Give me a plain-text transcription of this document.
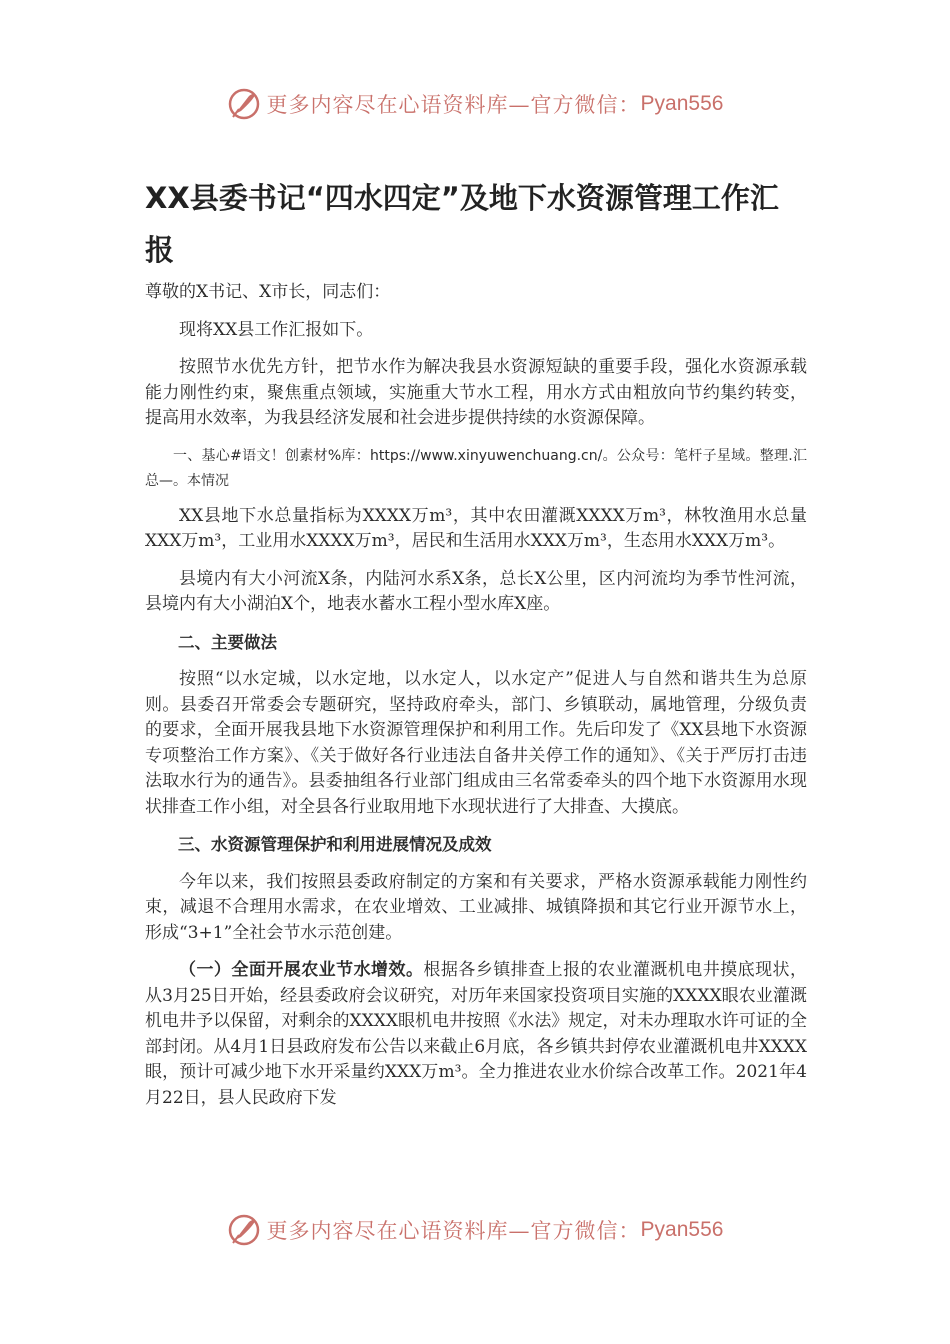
更多内容尽在心语资料库—官方微信： Pyan556
XX县委书记“四水四定”及地下水资源管理工作汇报

尊敬的X书记、X市长，同志们：

现将XX县工作汇报如下。

按照节水优先方针，把节水作为解决我县水资源短缺的重要手段，强化水资源承载能力刚性约束，聚焦重点领域，实施重大节水工程，用水方式由粗放向节约集约转变，提高用水效率，为我县经济发展和社会进步提供持续的水资源保障。

一、基心#语文！创素材%库：https://www.xinyuwenchuang.cn/。公众号：笔杆子星域。整理.汇总—。本情况

XX县地下水总量指标为XXXX万m³，其中农田灌溉XXXX万m³，林牧渔用水总量XXX万m³，工业用水XXXX万m³，居民和生活用水XXX万m³，生态用水XXX万m³。

县境内有大小河流X条，内陆河水系X条，总长X公里，区内河流均为季节性河流，县境内有大小湖泊X个，地表水蓄水工程小型水库X座。

二、主要做法

按照“以水定城，以水定地，以水定人，以水定产”促进人与自然和谐共生为总原则。县委召开常委会专题研究，坚持政府牵头，部门、乡镇联动，属地管理，分级负责的要求，全面开展我县地下水资源管理保护和利用工作。先后印发了《XX县地下水资源专项整治工作方案》、《关于做好各行业违法自备井关停工作的通知》、《关于严厉打击违法取水行为的通告》。县委抽组各行业部门组成由三名常委牵头的四个地下水资源用水现状排查工作小组，对全县各行业取用地下水现状进行了大排查、大摸底。

三、水资源管理保护和利用进展情况及成效

今年以来，我们按照县委政府制定的方案和有关要求，严格水资源承载能力刚性约束，减退不合理用水需求，在农业增效、工业减排、城镇降损和其它行业开源节水上，形成“3+1”全社会节水示范创建。

（一）全面开展农业节水增效。根据各乡镇排查上报的农业灌溉机电井摸底现状，从3月25日开始，经县委政府会议研究，对历年来国家投资项目实施的XXXX眼农业灌溉机电井予以保留，对剩余的XXXX眼机电井按照《水法》规定，对未办理取水许可证的全部封闭。从4月1日县政府发布公告以来截止6月底，各乡镇共封停农业灌溉机电井XXXX眼，预计可减少地下水开采量约XXX万m³。全力推进农业水价综合改革工作。2021年4月22日，县人民政府下发

更多内容尽在心语资料库—官方微信： Pyan556
